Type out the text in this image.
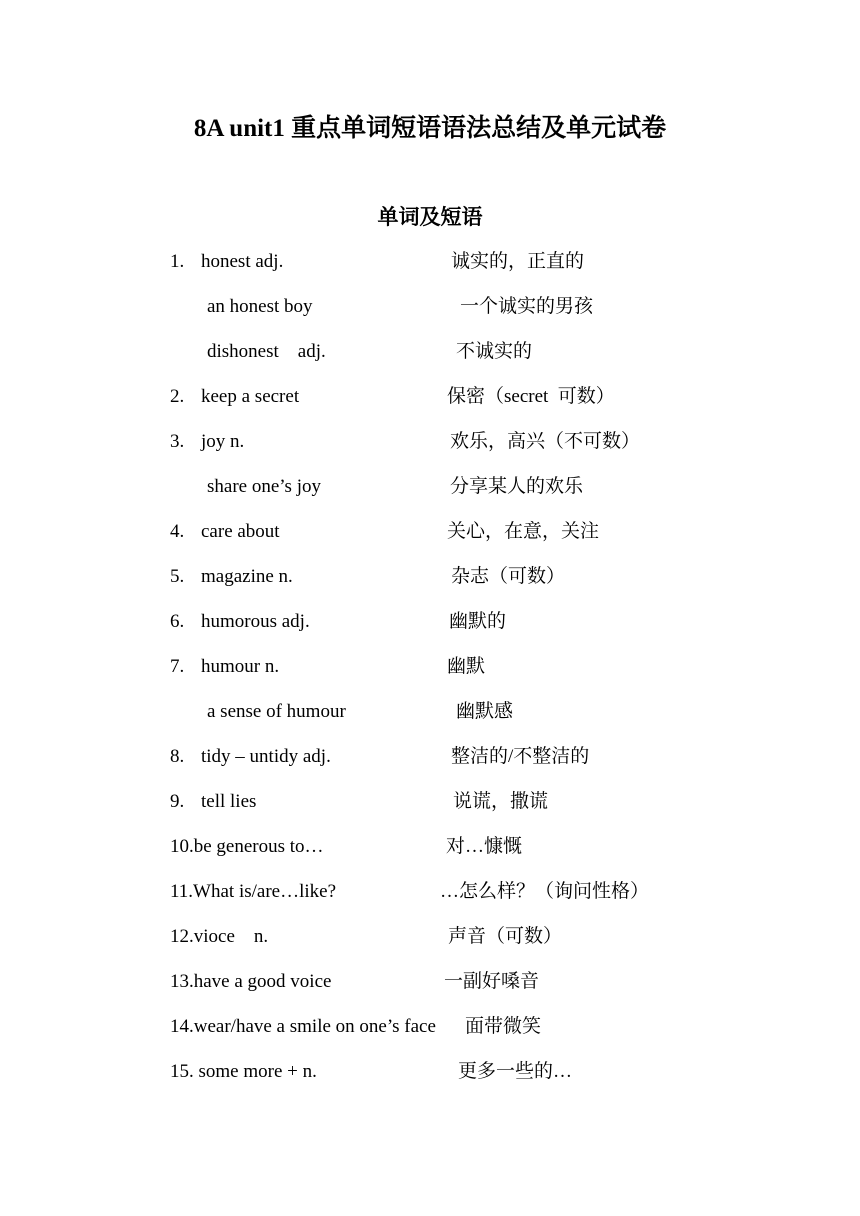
8A unit1 重点单词短语语法总结及单元试卷
单词及短语
1. honest adj.	诚实的，正直的
an honest boy	一个诚实的男孩
dishonest    adj.	不诚实的
2. keep a secret	保密（secret  可数）
3. joy n.	欢乐，高兴（不可数）
share one’s joy	分享某人的欢乐
4. care about	关心，在意，关注
5. magazine n.	杂志（可数）
6. humorous adj.	幽默的
7. humour n.	幽默
a sense of humour	幽默感
8. tidy – untidy adj.	整洁的/不整洁的
9. tell lies	说谎，撒谎
10.be generous to…	对…慷慨
11.What is/are…like?	…怎么样？（询问性格）
12.vioce    n.	声音（可数）
13.have a good voice	一副好嗓音
14.wear/have a smile on one’s face 面带微笑
15. some more + n.	更多一些的…
